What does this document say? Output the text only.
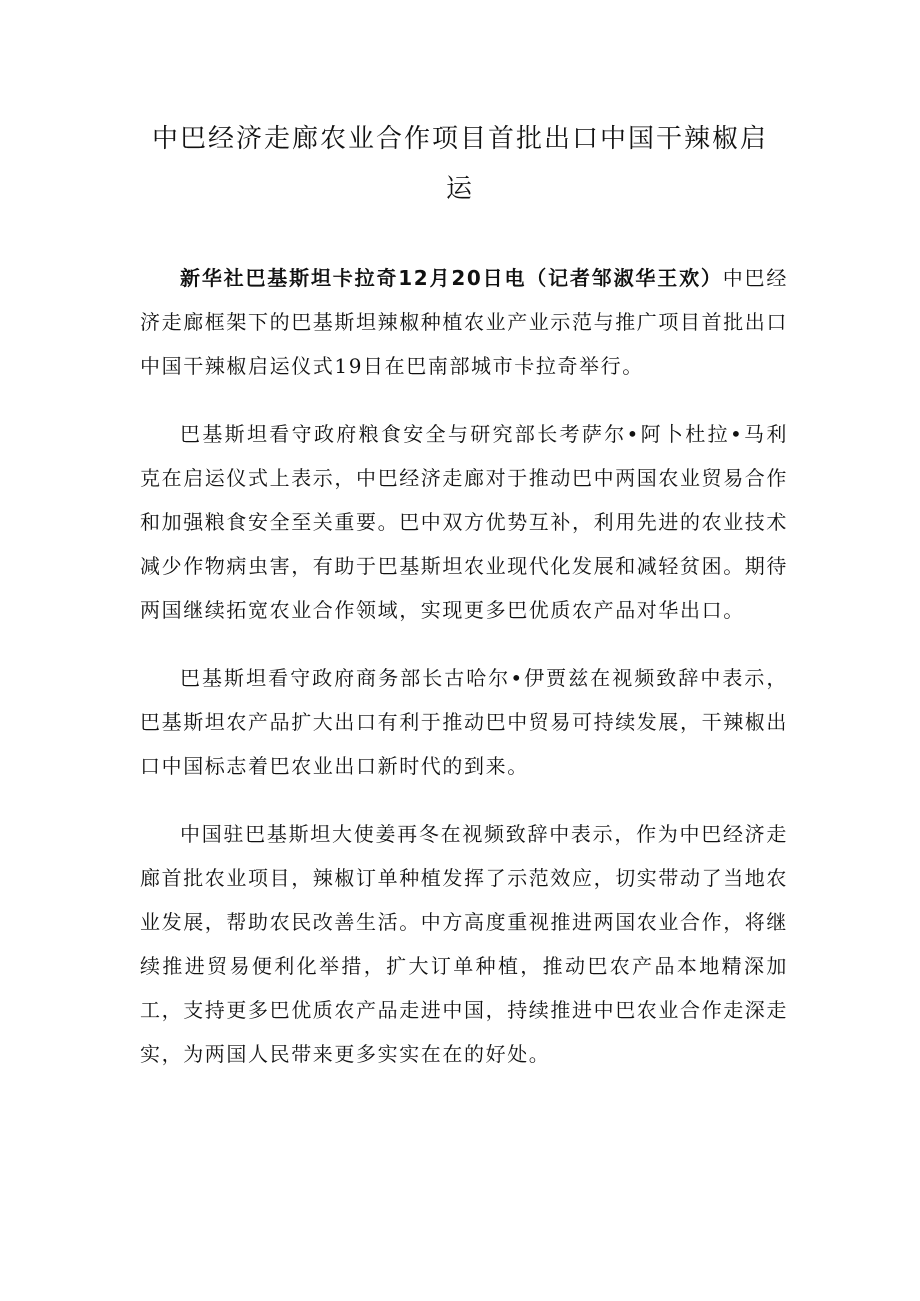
中巴经济走廊农业合作项目首批出口中国干辣椒启运

新华社巴基斯坦卡拉奇12月20日电（记者邹淑华王欢）中巴经济走廊框架下的巴基斯坦辣椒种植农业产业示范与推广项目首批出口中国干辣椒启运仪式19日在巴南部城市卡拉奇举行。

巴基斯坦看守政府粮食安全与研究部长考萨尔•阿卜杜拉•马利克在启运仪式上表示，中巴经济走廊对于推动巴中两国农业贸易合作和加强粮食安全至关重要。巴中双方优势互补，利用先进的农业技术减少作物病虫害，有助于巴基斯坦农业现代化发展和减轻贫困。期待两国继续拓宽农业合作领域，实现更多巴优质农产品对华出口。

巴基斯坦看守政府商务部长古哈尔•伊贾兹在视频致辞中表示，巴基斯坦农产品扩大出口有利于推动巴中贸易可持续发展，干辣椒出口中国标志着巴农业出口新时代的到来。

中国驻巴基斯坦大使姜再冬在视频致辞中表示，作为中巴经济走廊首批农业项目，辣椒订单种植发挥了示范效应，切实带动了当地农业发展，帮助农民改善生活。中方高度重视推进两国农业合作，将继续推进贸易便利化举措，扩大订单种植，推动巴农产品本地精深加工，支持更多巴优质农产品走进中国，持续推进中巴农业合作走深走实，为两国人民带来更多实实在在的好处。
